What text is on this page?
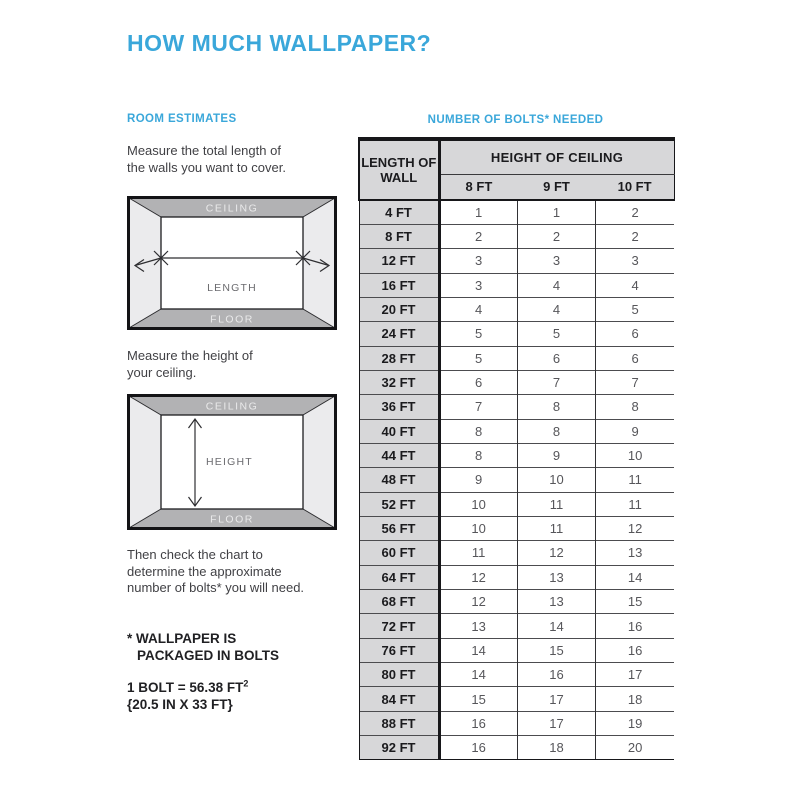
HOW MUCH WALLPAPER?
ROOM ESTIMATES
Measure the total length of
the walls you want to cover.
CEILING
FLOOR
LENGTH
Measure the height of
your ceiling.
CEILING
FLOOR
HEIGHT
Then check the chart to
determine the approximate
number of bolts* you will need.
* WALLPAPER IS
PACKAGED IN BOLTS
1 BOLT = 56.38 $FT^2$
{20.5 IN X 33 FT}
NUMBER OF BOLTS* NEEDED
LENGTH OF WALL	HEIGHT OF CEILING		
	8 FT	9 FT	10 FT
4 FT	1	1	2
8 FT	2	2	2
12 FT	3	3	3
16 FT	3	4	4
20 FT	4	4	5
24 FT	5	5	6
28 FT	5	6	6
32 FT	6	7	7
36 FT	7	8	8
40 FT	8	8	9
44 FT	8	9	10
48 FT	9	10	11
52 FT	10	11	11
56 FT	10	11	12
60 FT	11	12	13
64 FT	12	13	14
68 FT	12	13	15
72 FT	13	14	16
76 FT	14	15	16
80 FT	14	16	17
84 FT	15	17	18
88 FT	16	17	19
92 FT	16	18	20
